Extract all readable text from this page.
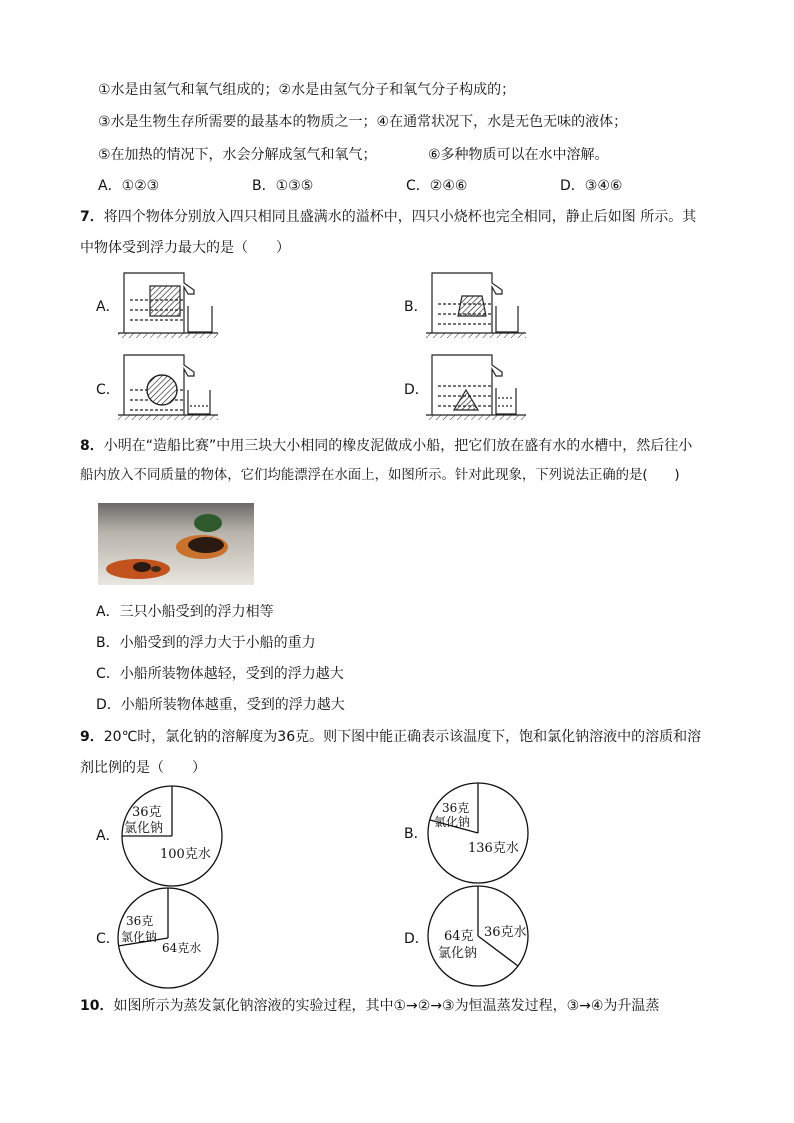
①水是由氢气和氧气组成的；②水是由氢气分子和氧气分子构成的；
③水是生物生存所需要的最基本的物质之一；④在通常状况下，水是无色无味的液体；
⑤在加热的情况下，水会分解成氢气和氧气；	⑥多种物质可以在水中溶解。
A．①②③	B．①③⑤	C．②④⑥	D．③④⑥
7．将四个物体分别放入四只相同且盛满水的溢杯中，四只小烧杯也完全相同，静止后如图 所示。其
中物体受到浮力最大的是（　　）
A．	B．
C．	D．
36克
氯化钠
100克水
36克
氯化钠
136克水
36克
氯化钠
64克水
64克
氯化钠
36克水
8．小明在“造船比赛”中用三块大小相同的橡皮泥做成小船，把它们放在盛有水的水槽中，然后往小
船内放入不同质量的物体，它们均能漂浮在水面上，如图所示。针对此现象，下列说法正确的是(　　)
A．三只小船受到的浮力相等
B．小船受到的浮力大于小船的重力
C．小船所装物体越轻，受到的浮力越大
D．小船所装物体越重，受到的浮力越大
9．20℃时，氯化钠的溶解度为36克。则下图中能正确表示该温度下，饱和氯化钠溶液中的溶质和溶
剂比例的是（　　）
A．	B．
C．	D．
10．如图所示为蒸发氯化钠溶液的实验过程，其中①→②→③为恒温蒸发过程，③→④为升温蒸
